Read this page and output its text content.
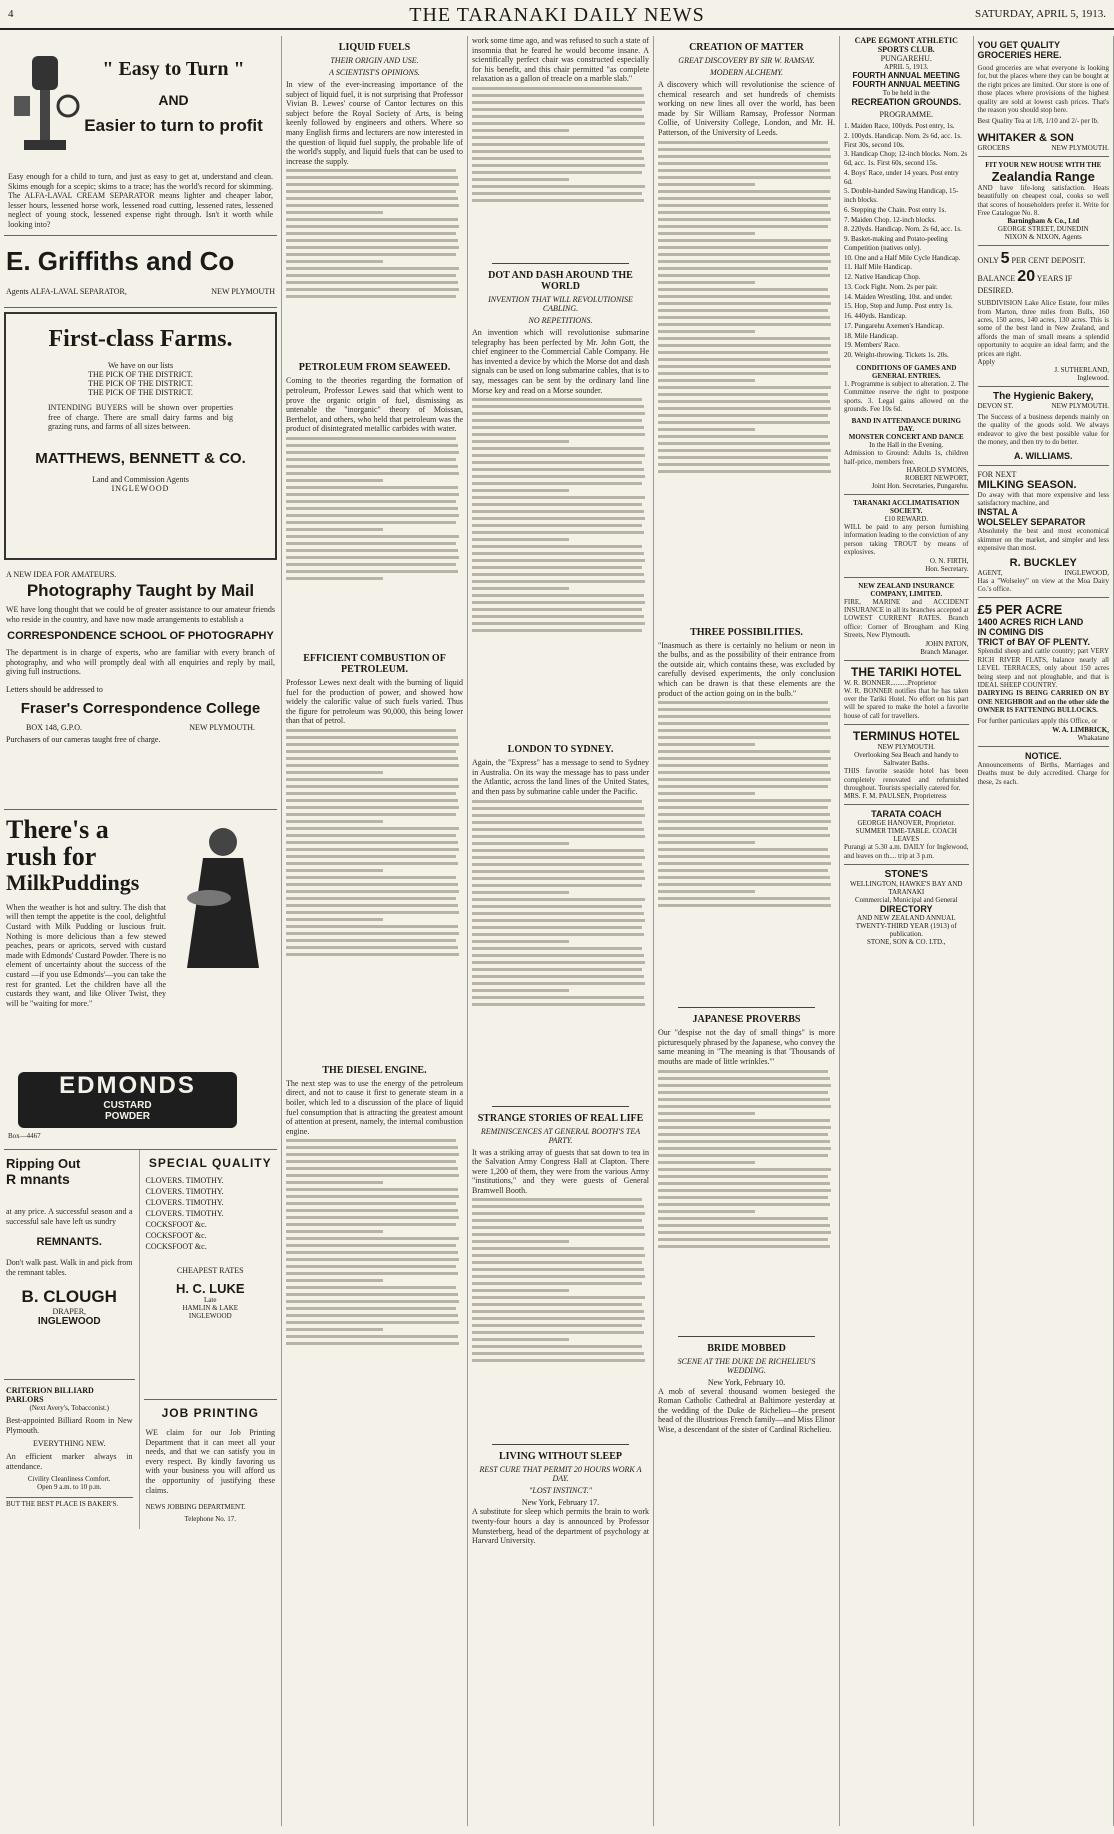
4	THE TARANAKI DAILY NEWS	SATURDAY, APRIL 5, 1913.
" Easy to Turn "
AND
Easier to turn to profit
Easy enough for a child to turn, and just as easy to get at, understand and clean. Skims enough for a scepic; skims to a trace; has the world's record for skimming. The ALFA-LAVAL CREAM SEPARATOR means lighter and cheaper labor, lesser hours, lessened horse work, lessened road cutting, lessened rates, lessened neglect of young stock, lessened expense right through. Isn't it worth while looking into?
E. Griffiths and Co
Agents ALFA-LAVAL SEPARATOR,	NEW PLYMOUTH
First-class Farms.
We have on our lists
THE PICK OF THE DISTRICT.
THE PICK OF THE DISTRICT.
THE PICK OF THE DISTRICT.
INTENDING BUYERS will be shown over properties free of charge. There are small dairy farms and big grazing runs, and farms of all sizes between.
MATTHEWS, BENNETT & CO.
Land and Commission Agents
INGLEWOOD
A NEW IDEA FOR AMATEURS.
Photography Taught by Mail
WE have long thought that we could be of greater assistance to our amateur friends who reside in the country, and have now made arrangements to establish a
CORRESPONDENCE SCHOOL OF PHOTOGRAPHY
The department is in charge of experts, who are familiar with every branch of photography, and who will promptly deal with all enquiries and reply by mail, giving full instructions.
Letters should be addressed to
Fraser's Correspondence College
BOX 148, G.P.O.	NEW PLYMOUTH.
Purchasers of our cameras taught free of charge.
There's a
rush for
MilkPuddings
When the weather is hot and sultry. The dish that will then tempt the appetite is the cool, delightful Custard with Milk Pudding or luscious fruit. Nothing is more delicious than a few stewed peaches, pears or apricots, served with custard made with Edmonds' Custard Powder. There is no element of uncertainty about the success of the custard —if you use Edmonds'—you can take the rest for granted. Let the children have all the custards they want, and like Oliver Twist, they will be "waiting for more."
EDMONDS
CUSTARD
POWDER
Box—4467
Ripping Out
R mnants
at any price. A successful season and a successful sale have left us sundry
REMNANTS.
Don't walk past. Walk in and pick from the remnant tables.
B. CLOUGH
DRAPER,
INGLEWOOD
CRITERION BILLIARD PARLORS
(Next Avery's, Tobacconist.)
Best-appointed Billiard Room in New Plymouth.
EVERYTHING NEW.
An efficient marker always in attendance.
Civility Cleanliness Comfort.
Open 9 a.m. to 10 p.m.
BUT THE BEST PLACE IS BAKER'S.
SPECIAL QUALITY
CLOVERS. TIMOTHY.
CLOVERS. TIMOTHY.
CLOVERS. TIMOTHY.
CLOVERS. TIMOTHY.
COCKSFOOT &c.
COCKSFOOT &c.
COCKSFOOT &c.
CHEAPEST RATES
H. C. LUKE
Late
HAMLIN & LAKE
INGLEWOOD
JOB PRINTING
WE claim for our Job Printing Department that it can meet all your needs, and that we can satisfy you in every respect. By kindly favoring us with your business you will afford us the opportunity of justifying these claims.
NEWS JOBBING DEPARTMENT.
Telephone No. 17.
LIQUID FUELS
THEIR ORIGIN AND USE.
A SCIENTIST'S OPINIONS.
In view of the ever-increasing importance of the subject of liquid fuel, it is not surprising that Professor Vivian B. Lewes' course of Cantor lectures on this subject before the Royal Society of Arts, is being keenly followed by engineers and others. Where so many English firms and lecturers are now interested in the question of liquid fuel supply, the probable life of the world's supply, and liquid fuels that can be used to increase the supply.
PETROLEUM FROM SEAWEED.
Coming to the theories regarding the formation of petroleum, Professor Lewes said that which went to prove the organic origin of fuel, dismissing as untenable the "inorganic" theory of Moissan, Berthelot, and others, who held that petroleum was the product of disintegrated metallic carbides with water.
EFFICIENT COMBUSTION OF PETROLEUM.
Professor Lewes next dealt with the burning of liquid fuel for the production of power, and showed how widely the calorific value of such fuels varied. Thus the figure for petroleum was 90,000, this being lower than that of petrol.
THE DIESEL ENGINE.
The next step was to use the energy of the petroleum direct, and not to cause it first to generate steam in a boiler, which led to a discussion of the place of liquid fuel consumption that is attracting the greatest amount of attention at present, namely, the internal combustion engine.
work some time ago, and was refused to such a state of insomnia that he feared he would become insane. A scientifically perfect chair was constructed especially for his benefit, and this chair permitted "as complete relaxation as a gallon of treacle on a marble slab."
DOT AND DASH AROUND THE WORLD
INVENTION THAT WILL REVOLUTIONISE CABLING.
NO REPETITIONS.
An invention which will revolutionise submarine telegraphy has been perfected by Mr. John Gott, the chief engineer to the Commercial Cable Company. He has invented a device by which the Morse dot and dash signals can be used on long submarine cables, that is to say, messages can be sent by the ordinary land line Morse key and read on a Morse sounder.
LONDON TO SYDNEY.
Again, the "Express" has a message to send to Sydney in Australia. On its way the message has to pass under the Atlantic, across the land lines of the United States, and then pass by submarine cable under the Pacific.
STRANGE STORIES OF REAL LIFE
REMINISCENCES AT GENERAL BOOTH'S TEA PARTY.
It was a striking array of guests that sat down to tea in the Salvation Army Congress Hall at Clapton. There were 1,200 of them, they were from the various Army "institutions," and they were guests of General Bramwell Booth.
LIVING WITHOUT SLEEP
REST CURE THAT PERMIT 20 HOURS WORK A DAY.
"LOST INSTINCT."
New York, February 17.
A substitute for sleep which permits the brain to work twenty-four hours a day is announced by Professor Munsterberg, head of the department of psychology at Harvard University.
CREATION OF MATTER
GREAT DISCOVERY BY SIR W. RAMSAY.
MODERN ALCHEMY.
A discovery which will revolutionise the science of chemical research and set hundreds of chemists working on new lines all over the world, has been made by Sir William Ramsay, Professor Norman Collie, of University College, London, and Mr. H. Patterson, of the University of Leeds.
THREE POSSIBILITIES.
"Inasmuch as there is certainly no helium or neon in the bulbs, and as the possibility of their entrance from the outside air, which contains these, was excluded by carefully devised experiments, the only conclusion which can be drawn is that these elements are the product of the action going on in the bulb."
JAPANESE PROVERBS
Our "despise not the day of small things" is more picturesquely phrased by the Japanese, who convey the same meaning in "The meaning is that 'Thousands of mouths are made of little wrinkles.'"
BRIDE MOBBED
SCENE AT THE DUKE DE RICHELIEU'S WEDDING.
New York, February 10.
A mob of several thousand women besieged the Roman Catholic Cathedral at Baltimore yesterday at the wedding of the Duke de Richelieu—the present head of the illustrious French family—and Miss Elinor Wise, a descendant of the sister of Cardinal Richelieu.
CAPE EGMONT ATHLETIC SPORTS CLUB.
PUNGAREHU.
APRIL 5, 1913.
FOURTH ANNUAL MEETING
FOURTH ANNUAL MEETING
To be held in the
RECREATION GROUNDS.
PROGRAMME.
1. Maiden Race, 100yds. Post entry, 1s.
2. 100yds. Handicap. Nom. 2s 6d, acc. 1s. First 30s, second 10s.
3. Handicap Chop; 12-inch blocks. Nom. 2s 6d, acc. 1s. First 60s, second 15s.
4. Boys' Race, under 14 years. Post entry 6d.
5. Double-handed Sawing Handicap, 15-inch blocks.
6. Stepping the Chain. Post entry 1s.
7. Maiden Chop. 12-inch blocks.
8. 220yds. Handicap. Nom. 2s 6d, acc. 1s.
9. Basket-making and Potato-peeling Competition (natives only).
10. One and a Half Mile Cycle Handicap.
11. Half Mile Handicap.
12. Native Handicap Chop.
13. Cock Fight. Nom. 2s per pair.
14. Maiden Wrestling, 10st. and under.
15. Hop, Step and Jump. Post entry 1s.
16. 440yds. Handicap.
17. Pungarehu Axemen's Handicap.
18. Mile Handicap.
19. Members' Race.
20. Weight-throwing. Tickets 1s. 20s.
CONDITIONS OF GAMES AND GENERAL ENTRIES.
1. Programme is subject to alteration. 2. The Committee reserve the right to postpone sports. 3. Legal gains allowed on the grounds. Fee 10s 6d.
BAND IN ATTENDANCE DURING DAY.
MONSTER CONCERT AND DANCE
In the Hall in the Evening.
Admission to Ground: Adults 1s, children half-price, members free.
HAROLD SYMONS,
ROBERT NEWPORT,
Joint Hon. Secretaries, Pungarehu.
TARANAKI ACCLIMATISATION SOCIETY.
£10 REWARD.
WILL be paid to any person furnishing information leading to the conviction of any person taking TROUT by means of explosives.
O. N. FIRTH,
Hon. Secretary.
NEW ZEALAND INSURANCE COMPANY, LIMITED.
FIRE, MARINE and ACCIDENT INSURANCE in all its branches accepted at LOWEST CURRENT RATES. Branch office: Corner of Brougham and King Streets, New Plymouth.
JOHN PATON,
Branch Manager.
THE TARIKI HOTEL
W. R. BONNER..........Proprietor
W. R. BONNER notifies that he has taken over the Tariki Hotel. No effort on his part will be spared to make the hotel a favorite house of call for travellers.
TERMINUS HOTEL
NEW PLYMOUTH.
Overlooking Sea Beach and handy to Saltwater Baths.
THIS favorite seaside hotel has been completely renovated and refurnished throughout. Tourists specially catered for.
MRS. F. M. PAULSEN, Proprietress
TARATA COACH
GEORGE HANOVER, Proprietor.
SUMMER TIME-TABLE. COACH LEAVES
Purangi at 5.30 a.m. DAILY for Inglewood, and leaves on th.... trip at 3 p.m.
STONE'S
WELLINGTON, HAWKE'S BAY AND TARANAKI
Commercial, Municipal and General
DIRECTORY
AND NEW ZEALAND ANNUAL
TWENTY-THIRD YEAR (1913) of publication.
STONE, SON & CO. LTD.,
YOU GET QUALITY
GROCERIES HERE.
Good groceries are what everyone is looking for, but the places where they can be bought at the right prices are limited. Our store is one of those places where provisions of the highest quality are sold at lowest cash prices. That's the reason you should stop here.
Best Quality Tea at 1/8, 1/10 and 2/- per lb.
WHITAKER & SON
GROCERS	NEW PLYMOUTH.
FIT YOUR NEW HOUSE WITH THE
Zealandia Range
AND have life-long satisfaction. Heats beautifully on cheapest coal, cooks so well that scores of householders prefer it. Write for Free Catalogue No. 8.
Barningham & Co., Ltd
GEORGE STREET, DUNEDIN
NIXON & NIXON, Agents
ONLY 5 PER CENT DEPOSIT.
BALANCE 20 YEARS IF DESIRED.
SUBDIVISION Lake Alice Estate, four miles from Marton, three miles from Bulls, 160 acres, 150 acres, 140 acres, 130 acres. This is some of the best land in New Zealand, and affords the man of small means a splendid opportunity to acquire an ideal farm; and the prices are right.
Apply
J. SUTHERLAND,
Inglewood.
The Hygienic Bakery,
DEVON ST.	NEW PLYMOUTH.
The Success of a business depends mainly on the quality of the goods sold. We always endeavor to give the best possible value for the money, and then try to do better.
A. WILLIAMS.
FOR NEXT
MILKING SEASON.
Do away with that more expensive and less satisfactory machine, and
INSTAL A
WOLSELEY SEPARATOR
Absolutely the best and most economical skimmer on the market, and simpler and less expensive than most.
R. BUCKLEY
AGENT,	INGLEWOOD,
Has a "Wolseley" on view at the Moa Dairy Co.'s office.
£5 PER ACRE
1400 ACRES RICH LAND
IN COMING DIS
TRICT of BAY OF PLENTY.
Splendid sheep and cattle country; part VERY RICH RIVER FLATS, balance nearly all LEVEL TERRACES, only about 150 acres being steep and not ploughable, and that is IDEAL SHEEP COUNTRY.
DAIRYING IS BEING CARRIED ON BY ONE NEIGHBOR and on the other side the OWNER IS FATTENING BULLOCKS.
For further particulars apply this Office, or
W. A. LIMBRICK,
Whakatane
NOTICE.
Announcements of Births, Marriages and Deaths must be duly accredited. Charge for these, 2s each.
